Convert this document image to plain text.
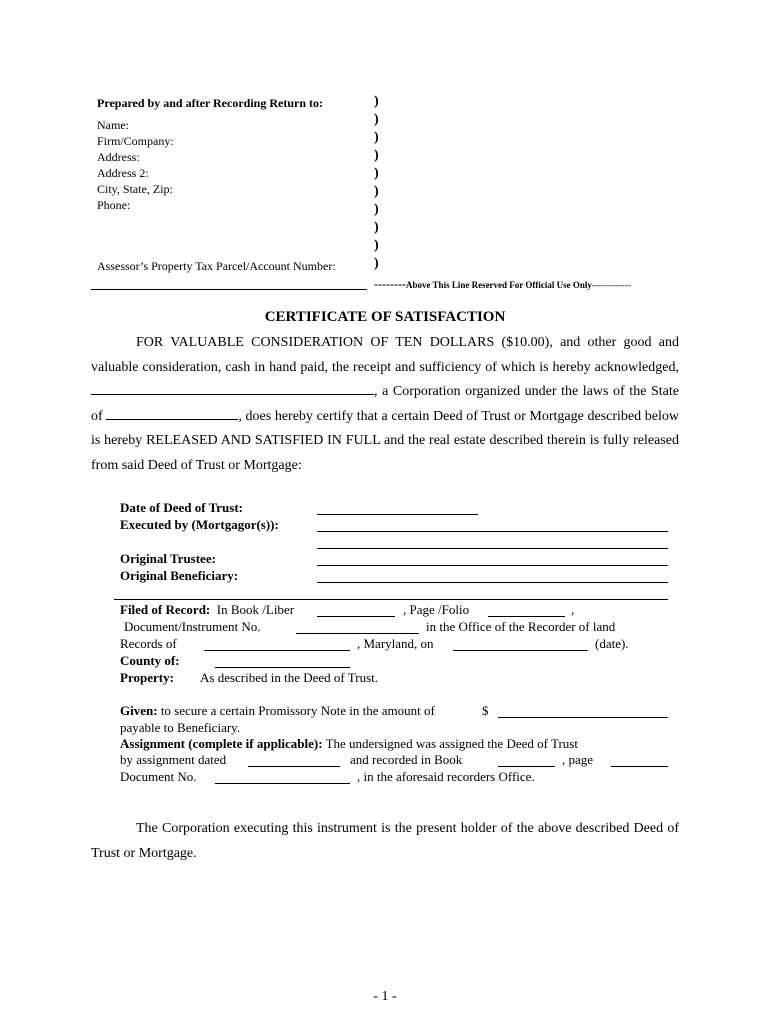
Prepared by and after Recording Return to:
Name:
Firm/Company:
Address:
Address 2:
City, State, Zip:
Phone:
Assessor’s Property Tax Parcel/Account Number:
)
)
)
)
)
)
)
)
)
)
--------Above This Line Reserved For Official Use Only-------------
CERTIFICATE OF SATISFACTION
FOR VALUABLE CONSIDERATION OF TEN DOLLARS ($10.00), and other good and
valuable consideration, cash in hand paid, the receipt and sufficiency of which is hereby acknowledged,
, a Corporation organized under the laws of the State
of	, does hereby certify that a certain Deed of Trust or Mortgage described below
is hereby RELEASED AND SATISFIED IN FULL and the real estate described therein is fully released
from said Deed of Trust or Mortgage:
Date of Deed of Trust:
Executed by (Mortgagor(s)):
Original Trustee:
Original Beneficiary:
Filed of Record: In Book /Liber	, Page /Folio	,
Document/Instrument No.	in the Office of the Recorder of land
Records of	, Maryland, on	(date).
County of:
Property: As described in the Deed of Trust.
Given: to secure a certain Promissory Note in the amount of	$
payable to Beneficiary.
Assignment (complete if applicable): The undersigned was assigned the Deed of Trust
by assignment dated	and recorded in Book	, page
Document No.	, in the aforesaid recorders Office.
The Corporation executing this instrument is the present holder of the above described Deed of
Trust or Mortgage.
- 1 -
